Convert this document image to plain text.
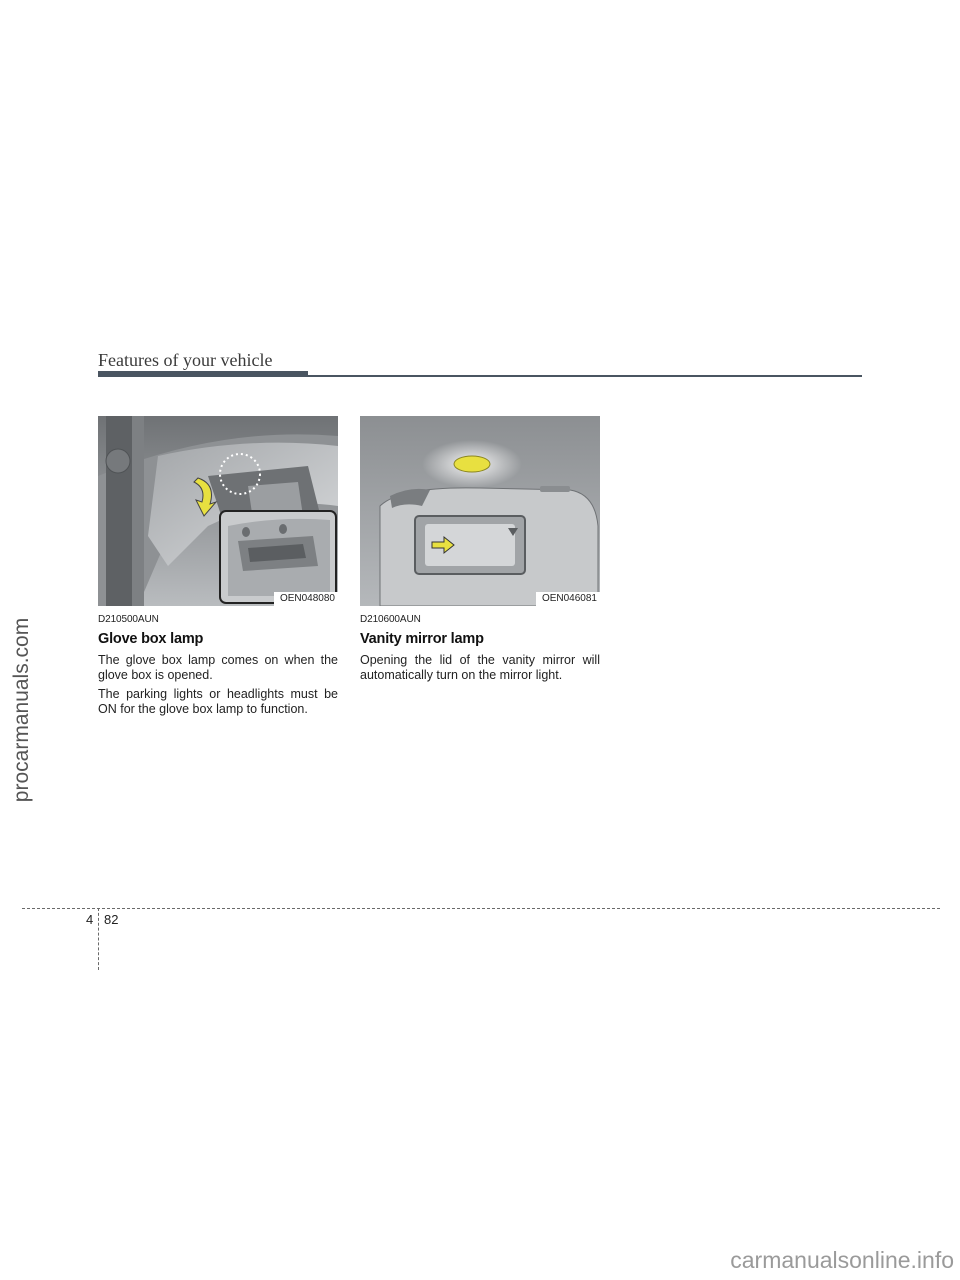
Features of your vehicle
OEN048080	OEN046081
D210500AUN
Glove box lamp

The glove box lamp comes on when the glove box is opened.

The parking lights or headlights must be ON for the glove box lamp to function.

D210600AUN
Vanity mirror lamp

Opening the lid of the vanity mirror will automatically turn on the mirror light.

4 82
procarmanuals.com
carmanualsonline.info
